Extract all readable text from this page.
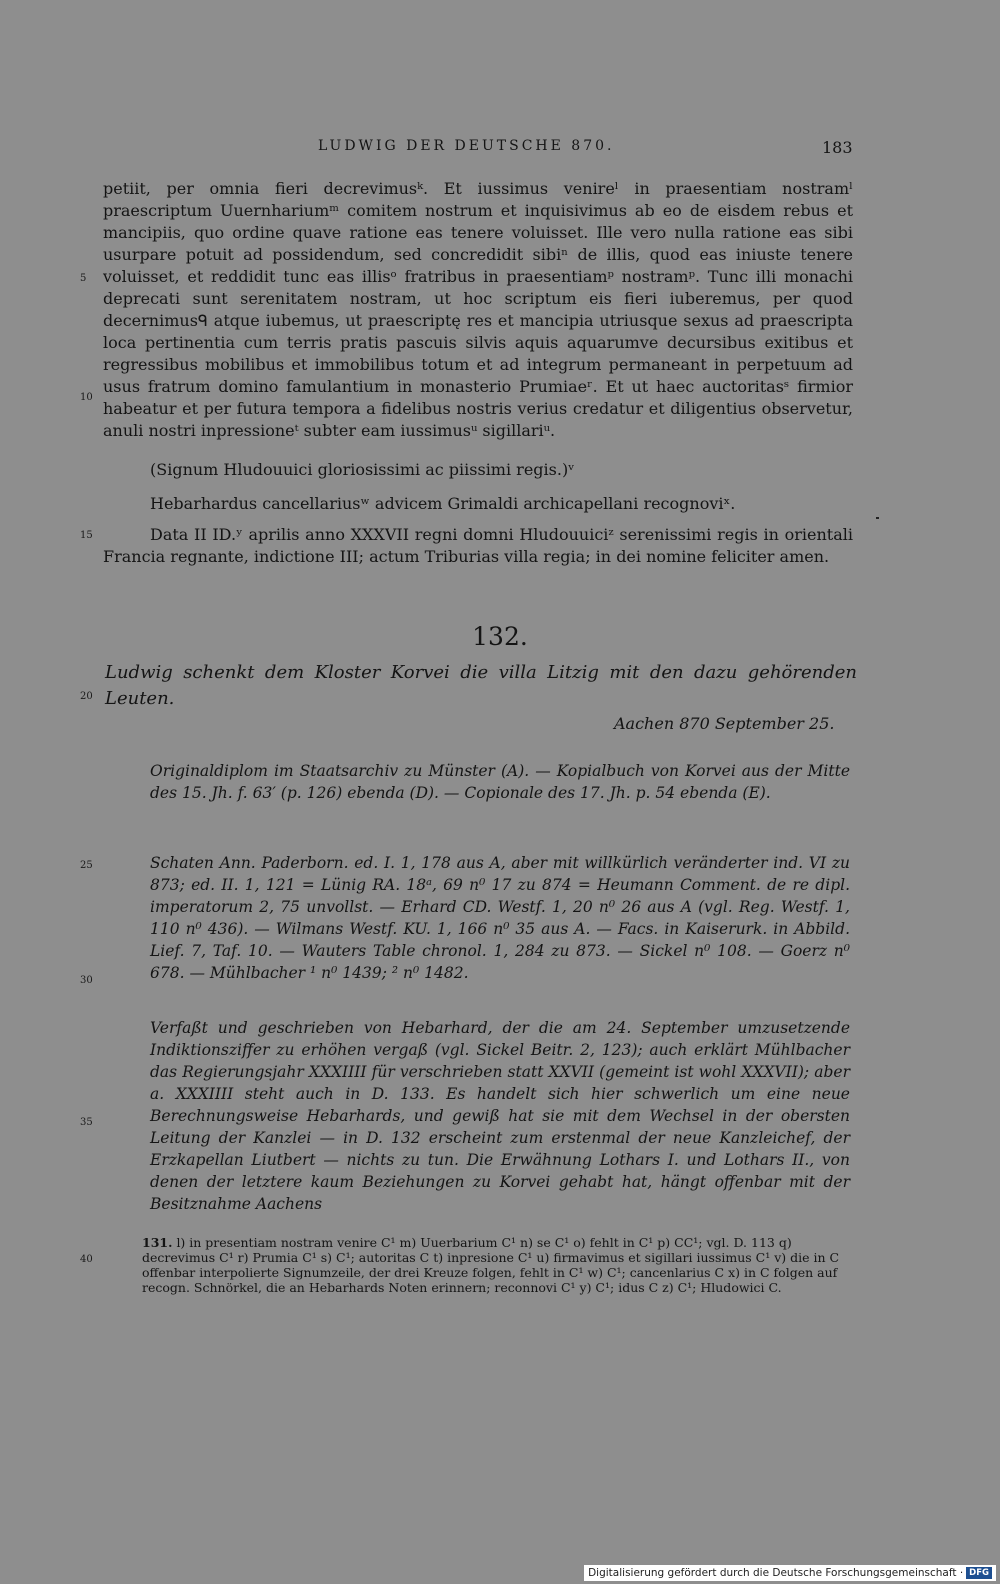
LUDWIG DER DEUTSCHE 870.	183

petiit, per omnia fieri decrevimusᵏ. Et iussimus venireˡ in praesentiam nostramˡ praescriptum Uuernhariumᵐ comitem nostrum et inquisivimus ab eo de eisdem rebus et mancipiis, quo ordine quave ratione eas tenere voluisset. Ille vero nulla ratione eas sibi usurpare potuit ad possidendum, sed concredidit sibiⁿ de illis, quod eas iniuste tenere voluisset, et reddidit tunc eas illisᵒ fratribus in praesentiamᵖ nostramᵖ. Tunc illi monachi deprecati sunt serenitatem nostram, ut hoc scriptum eis fieri iuberemus, per quod decernimusᑫ atque iubemus, ut praescriptę res et mancipia utriusque sexus ad praescripta loca pertinentia cum terris pratis pascuis silvis aquis aquarumve decursibus exitibus et regressibus mobilibus et immobilibus totum et ad integrum permaneant in perpetuum ad usus fratrum domino famulantium in monasterio Prumiaeʳ. Et ut haec auctoritasˢ firmior habeatur et per futura tempora a fidelibus nostris verius credatur et diligentius observetur, anuli nostri inpressioneᵗ subter eam iussimusᵘ sigillariᵘ.

(Signum Hludouuici gloriosissimi ac piissimi regis.)ᵛ
Hebarhardus cancellariusʷ advicem Grimaldi archicapellani recognoviˣ.

Data II ID.ʸ aprilis anno XXXVII regni domni Hludouuiciᶻ serenissimi regis in orientali Francia regnante, indictione III; actum Triburias villa regia; in dei nomine feliciter amen.

5
10
15
20
25
30
35
40
132.

Ludwig schenkt dem Kloster Korvei die villa Litzig mit den dazu gehörenden Leuten.

Aachen 870 September 25.

Originaldiplom im Staatsarchiv zu Münster (A). — Kopialbuch von Korvei aus der Mitte des 15. Jh. f. 63′ (p. 126) ebenda (D). — Copionale des 17. Jh. p. 54 ebenda (E).

Schaten Ann. Paderborn. ed. I. 1, 178 aus A, aber mit willkürlich veränderter ind. VI zu 873; ed. II. 1, 121 = Lünig RA. 18ᵃ, 69 n⁰ 17 zu 874 = Heumann Comment. de re dipl. imperatorum 2, 75 unvollst. — Erhard CD. Westf. 1, 20 n⁰ 26 aus A (vgl. Reg. Westf. 1, 110 n⁰ 436). — Wilmans Westf. KU. 1, 166 n⁰ 35 aus A. — Facs. in Kaiserurk. in Abbild. Lief. 7, Taf. 10. — Wauters Table chronol. 1, 284 zu 873. — Sickel n⁰ 108. — Goerz n⁰ 678. — Mühlbacher ¹ n⁰ 1439; ² n⁰ 1482.

Verfaßt und geschrieben von Hebarhard, der die am 24. September umzusetzende Indiktionsziffer zu erhöhen vergaß (vgl. Sickel Beitr. 2, 123); auch erklärt Mühlbacher das Regierungsjahr XXXIIII für verschrieben statt XXVII (gemeint ist wohl XXXVII); aber a. XXXIIII steht auch in D. 133. Es handelt sich hier schwerlich um eine neue Berechnungsweise Hebarhards, und gewiß hat sie mit dem Wechsel in der obersten Leitung der Kanzlei — in D. 132 erscheint zum erstenmal der neue Kanzleichef, der Erzkapellan Liutbert — nichts zu tun. Die Erwähnung Lothars I. und Lothars II., von denen der letztere kaum Beziehungen zu Korvei gehabt hat, hängt offenbar mit der Besitznahme Aachens

131. l) in presentiam nostram venire C¹ m) Uuerbarium C¹ n) se C¹ o) fehlt in C¹ p) CC¹; vgl. D. 113 q) decrevimus C¹ r) Prumia C¹ s) C¹; autoritas C t) inpresione C¹ u) firmavimus et sigillari iussimus C¹ v) die in C offenbar interpolierte Signumzeile, der drei Kreuze folgen, fehlt in C¹ w) C¹; cancenlarius C x) in C folgen auf recogn. Schnörkel, die an Hebarhards Noten erinnern; reconnovi C¹ y) C¹; idus C z) C¹; Hludowici C.

Digitalisierung gefördert durch die Deutsche Forschungsgemeinschaft · DFG
